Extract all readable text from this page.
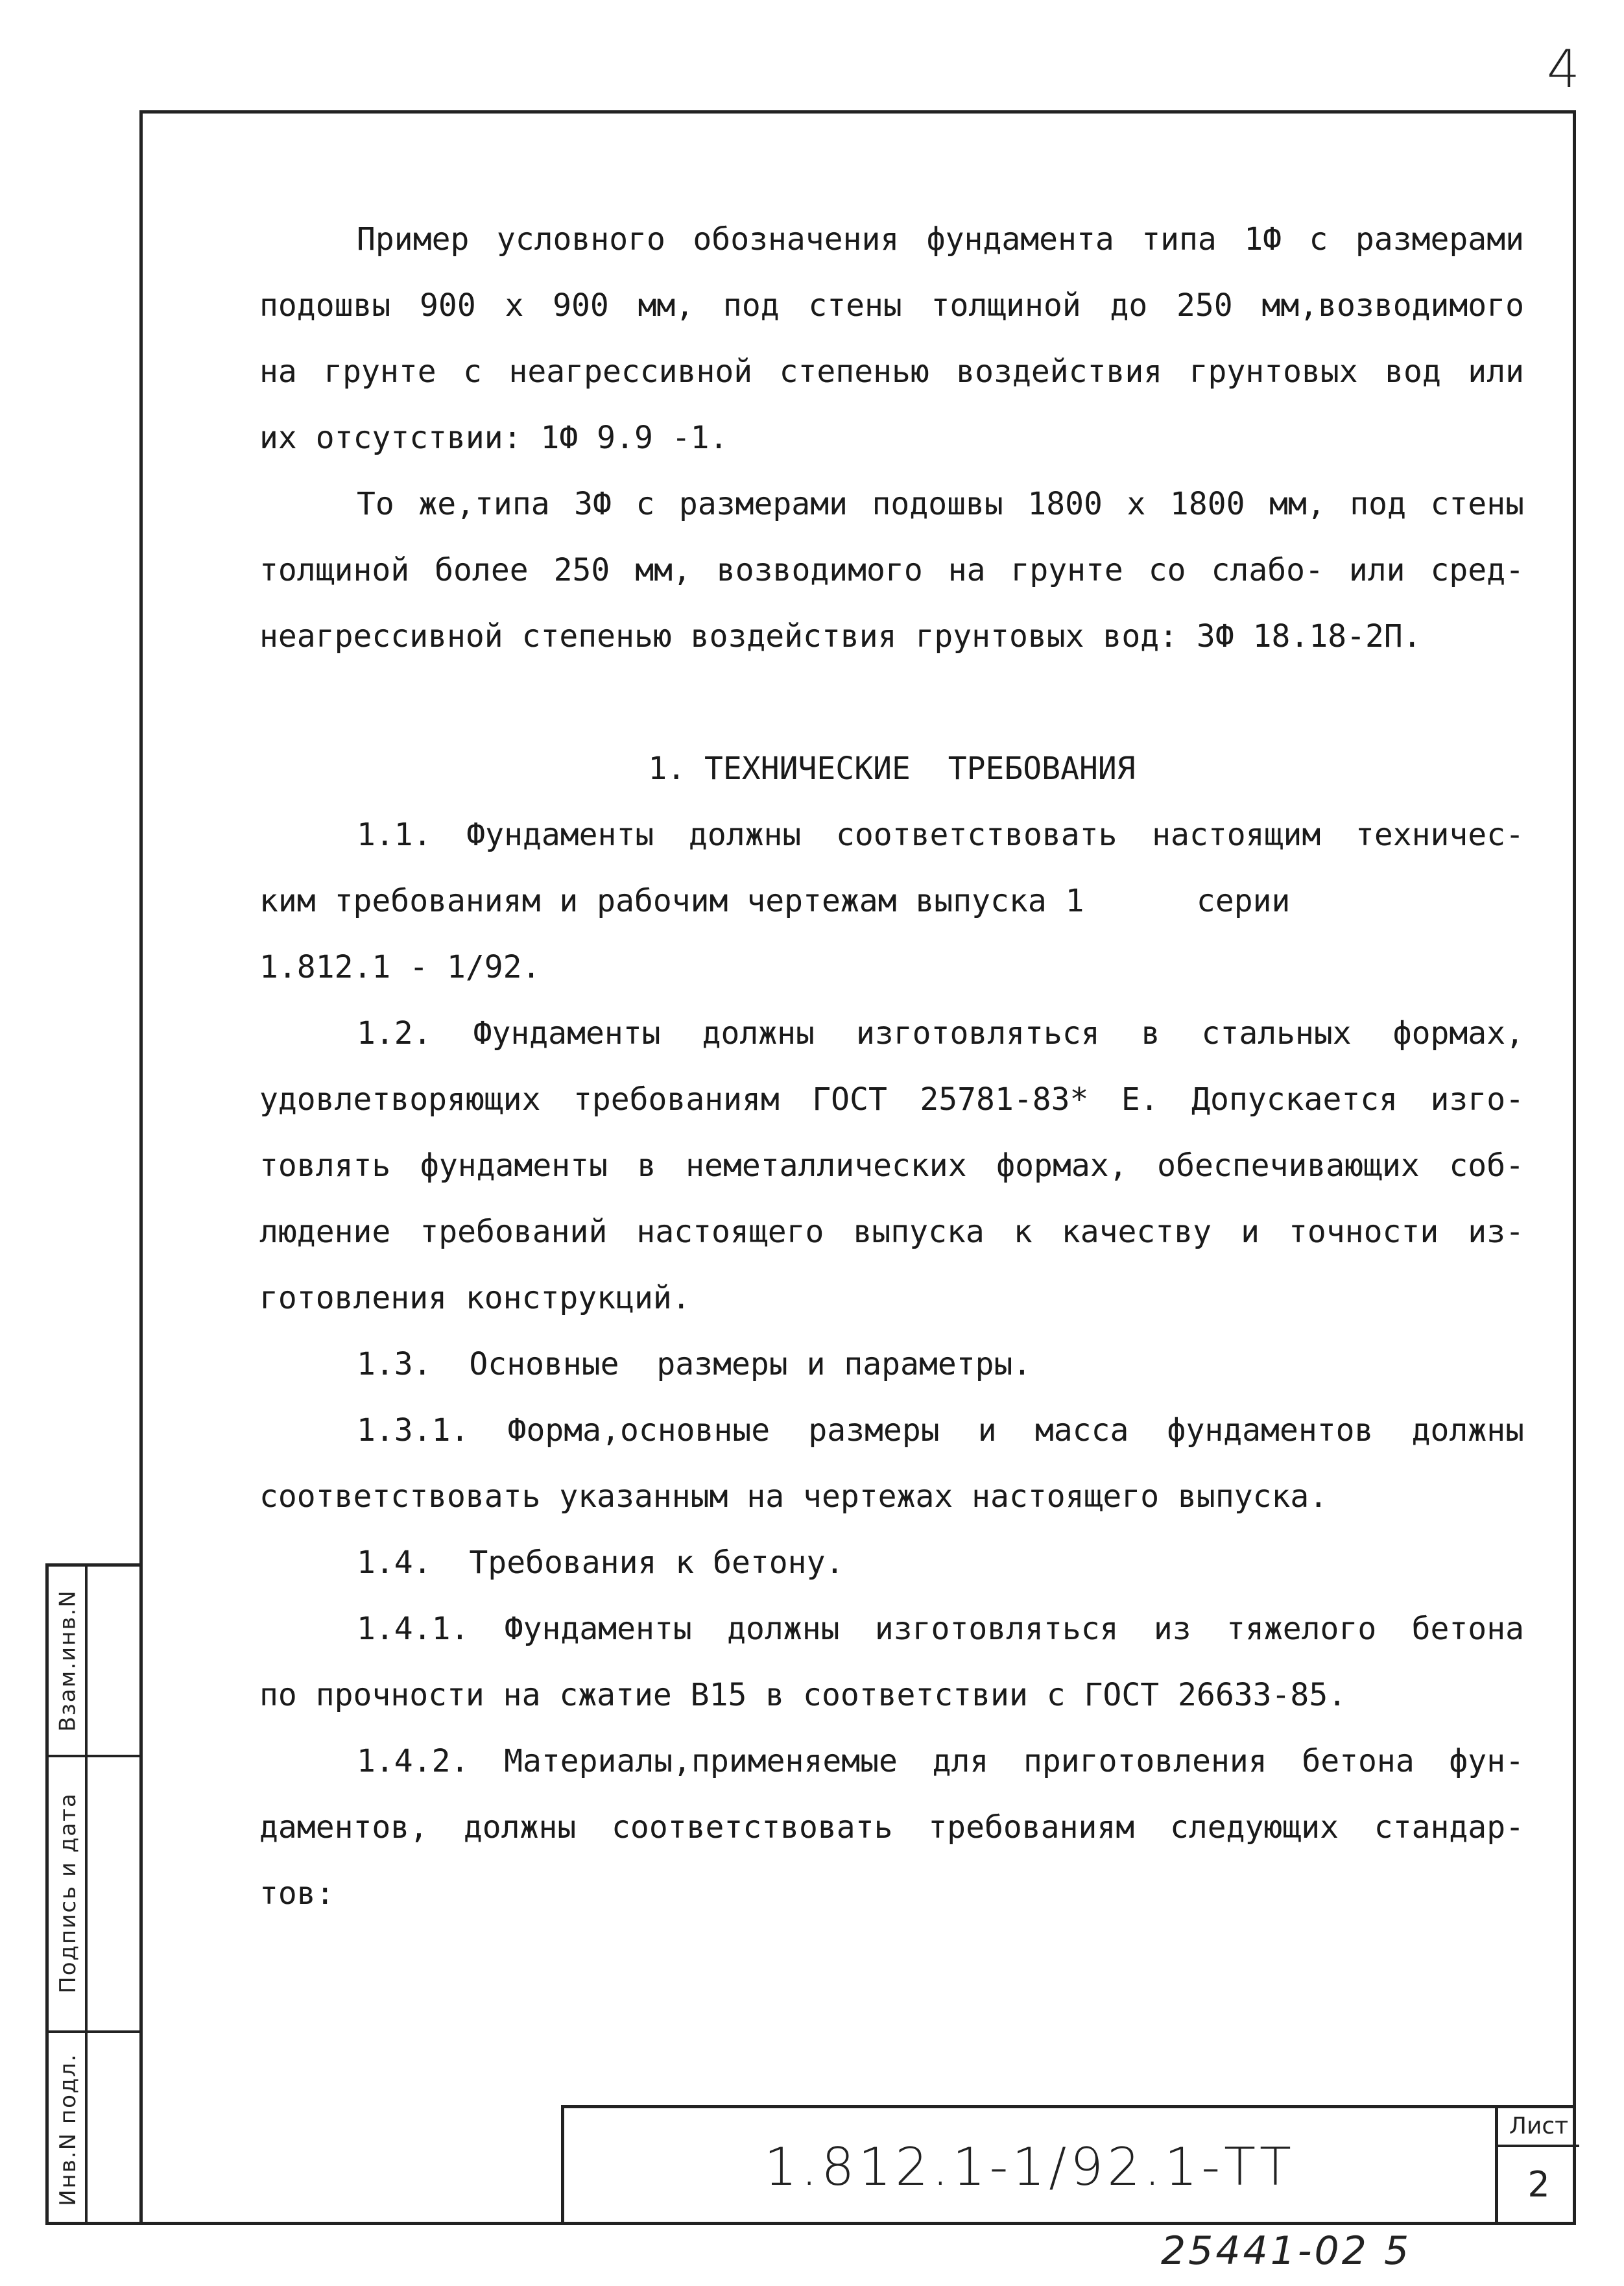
4
Пример условного обозначения фундамента типа 1Ф с размерами
подошвы 900 х 900 мм, под стены толщиной до 250 мм,возводимого
на грунте с неагрессивной степенью воздействия грунтовых вод или
их отсутствии: 1Ф 9.9 -1.
То же,типа 3Ф с размерами подошвы 1800 х 1800 мм, под стены
толщиной более 250 мм, возводимого на грунте со слабо- или сред-
неагрессивной степенью воздействия грунтовых вод: 3Ф 18.18-2П.
1. ТЕХНИЧЕСКИЕ  ТРЕБОВАНИЯ
1.1. Фундаменты должны соответствовать настоящим техничес-
ким требованиям и рабочим чертежам выпуска 1      серии
1.812.1 - 1/92.
1.2. Фундаменты должны изготовляться в стальных формах,
удовлетворяющих требованиям ГОСТ 25781-83* Е. Допускается изго-
товлять фундаменты в неметаллических формах, обеспечивающих соб-
людение требований настоящего выпуска к качеству и точности из-
готовления конструкций.
1.3.  Основные  размеры и параметры.
1.3.1. Форма,основные размеры и масса фундаментов должны
соответствовать указанным на чертежах настоящего выпуска.
1.4.  Требования к бетону.
1.4.1. Фундаменты должны изготовляться из тяжелого бетона
по прочности на сжатие В15 в соответствии с ГОСТ 26633-85.
1.4.2. Материалы,применяемые для приготовления бетона фун-
даментов, должны соответствовать требованиям следующих стандар-
тов:
Взам.инв.N
Подпись и дата
Инв.N подл.	1.812.1-1/92.1-ТТ
Лист
2
25441-02 5
